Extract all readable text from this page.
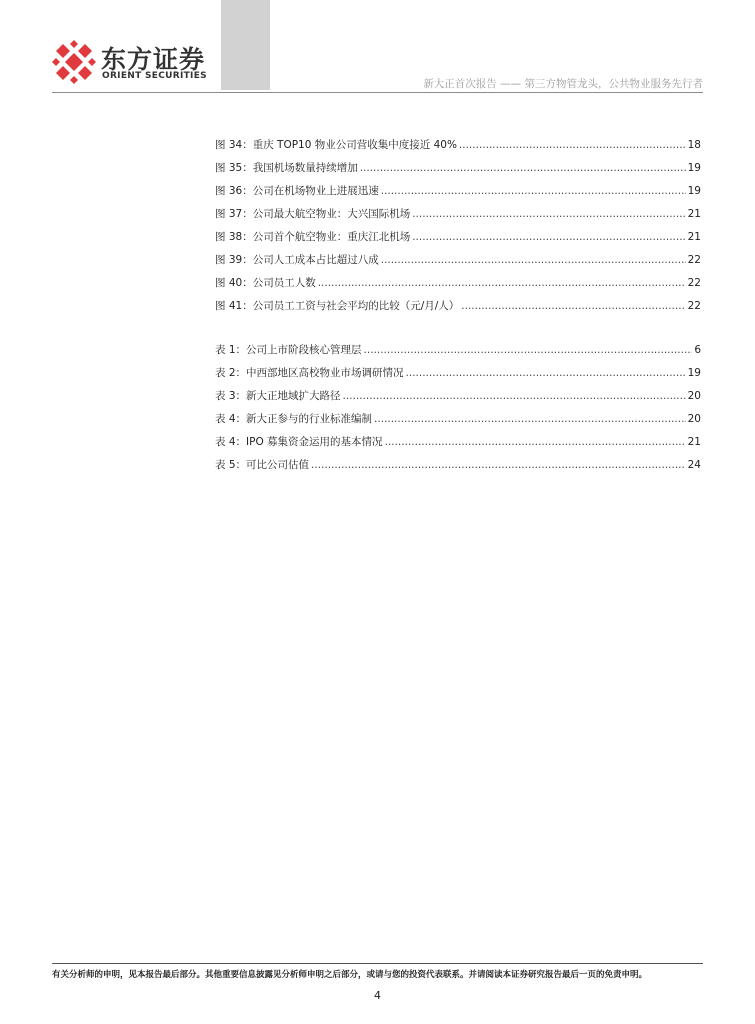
东方证券
ORIENT SECURITIES
新大正首次报告 —— 第三方物管龙头，公共物业服务先行者
图 34：重庆 TOP10 物业公司营收集中度接近 40% .....	18
图 35：我国机场数量持续增加 .....	19
图 36：公司在机场物业上进展迅速 .....	19
图 37：公司最大航空物业：大兴国际机场 .....	21
图 38：公司首个航空物业：重庆江北机场 .....	21
图 39：公司人工成本占比超过八成 .....	22
图 40：公司员工人数 .....	22
图 41：公司员工工资与社会平均的比较（元/月/人） .....	22
表 1：公司上市阶段核心管理层 .....	6
表 2：中西部地区高校物业市场调研情况 .....	19
表 3：新大正地域扩大路径 .....	20
表 4：新大正参与的行业标准编制 .....	20
表 4：IPO 募集资金运用的基本情况 .....	21
表 5：可比公司估值 .....	24
有关分析师的申明，见本报告最后部分。其他重要信息披露见分析师申明之后部分，或请与您的投资代表联系。并请阅读本证券研究报告最后一页的免责申明。
4
